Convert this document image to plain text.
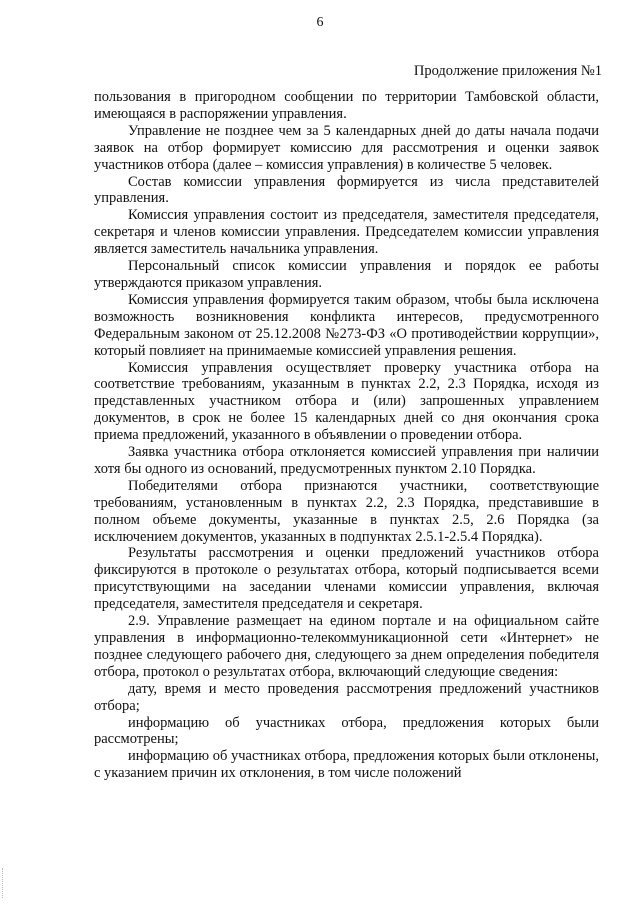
6
Продолжение приложения №1

пользования в пригородном сообщении по территории Тамбовской области, имеющаяся в распоряжении управления.

Управление не позднее чем за 5 календарных дней до даты начала подачи заявок на отбор формирует комиссию для рассмотрения и оценки заявок участников отбора (далее – комиссия управления) в количестве 5 человек.

Состав комиссии управления формируется из числа представителей управления.

Комиссия управления состоит из председателя, заместителя председателя, секретаря и членов комиссии управления. Председателем комиссии управления является заместитель начальника управления.

Персональный список комиссии управления и порядок ее работы утверждаются приказом управления.

Комиссия управления формируется таким образом, чтобы была исключена возможность возникновения конфликта интересов, предусмотренного Федеральным законом от 25.12.2008 №273-ФЗ «О противодействии коррупции», который повлияет на принимаемые комиссией управления решения.

Комиссия управления осуществляет проверку участника отбора на соответствие требованиям, указанным в пунктах 2.2, 2.3 Порядка, исходя из представленных участником отбора и (или) запрошенных управлением документов, в срок не более 15 календарных дней со дня окончания срока приема предложений, указанного в объявлении о проведении отбора.

Заявка участника отбора отклоняется комиссией управления при наличии хотя бы одного из оснований, предусмотренных пунктом 2.10 Порядка.

Победителями отбора признаются участники, соответствующие требованиям, установленным в пунктах 2.2, 2.3 Порядка, представившие в полном объеме документы, указанные в пунктах 2.5, 2.6 Порядка (за исключением документов, указанных в подпунктах 2.5.1-2.5.4 Порядка).

Результаты рассмотрения и оценки предложений участников отбора фиксируются в протоколе о результатах отбора, который подписывается всеми присутствующими на заседании членами комиссии управления, включая председателя, заместителя председателя и секретаря.

2.9. Управление размещает на едином портале и на официальном сайте управления в информационно-телекоммуникационной сети «Интернет» не позднее следующего рабочего дня, следующего за днем определения победителя отбора, протокол о результатах отбора, включающий следующие сведения:

дату, время и место проведения рассмотрения предложений участников отбора;

информацию об участниках отбора, предложения которых были рассмотрены;

информацию об участниках отбора, предложения которых были отклонены, с указанием причин их отклонения, в том числе положений
